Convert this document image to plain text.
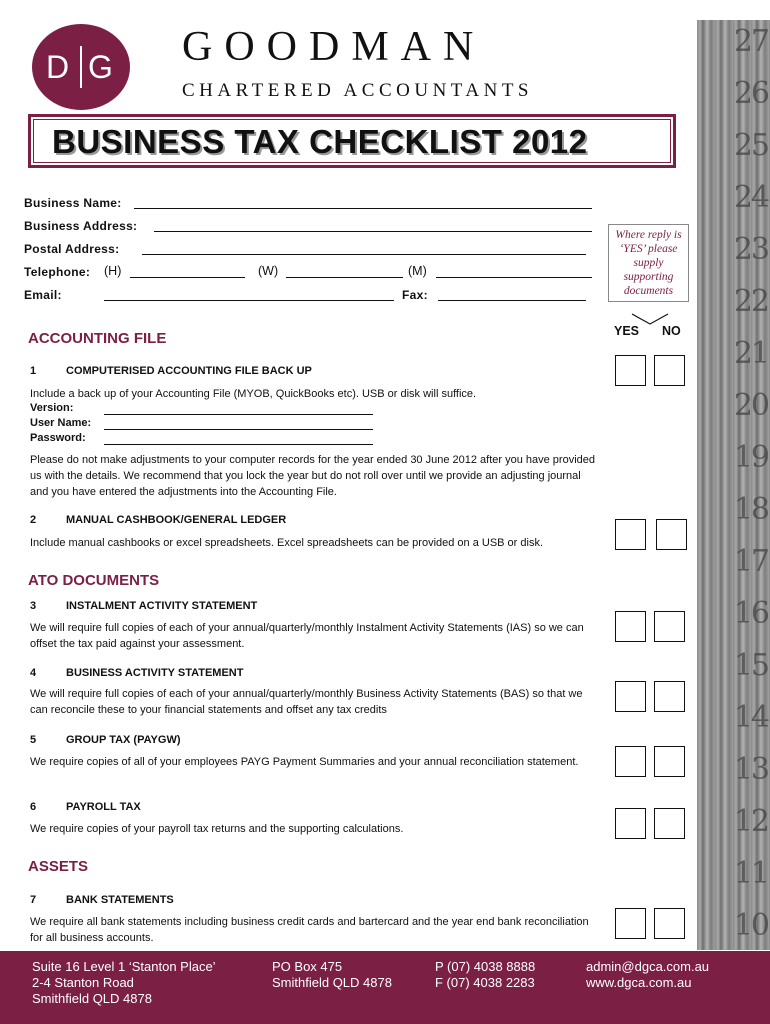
D G GOODMAN
CHARTERED ACCOUNTANTS
BUSINESS TAX CHECKLIST 2012
Business Name:
Business Address:
Postal Address:
Telephone: (H)	(W)	(M)
Email:	Fax:
27
26
25
24
23
22
21
20
19
18
17
16
15
14
13
12
11
10
Where reply is ‘YES’ please supply supporting documents
YES NO
ACCOUNTING FILE
1	COMPUTERISED ACCOUNTING FILE BACK UP
Include a back up of your Accounting File (MYOB, QuickBooks etc). USB or disk will suffice.
Version:
User Name:
Password:
Please do not make adjustments to your computer records for the year ended 30 June 2012 after you have provided us with the details. We recommend that you lock the year but do not roll over until we provide an adjusting journal and you have entered the adjustments into the Accounting File.
2	MANUAL CASHBOOK/GENERAL LEDGER
Include manual cashbooks or excel spreadsheets. Excel spreadsheets can be provided on a USB or disk.
ATO DOCUMENTS
3	INSTALMENT ACTIVITY STATEMENT
We will require full copies of each of your annual/quarterly/monthly Instalment Activity Statements (IAS) so we can offset the tax paid against your assessment.
4	BUSINESS ACTIVITY STATEMENT
We will require full copies of each of your annual/quarterly/monthly Business Activity Statements (BAS) so that we can reconcile these to your financial statements and offset any tax credits
5	GROUP TAX (PAYGW)
We require copies of all of your employees PAYG Payment Summaries and your annual reconciliation statement.
6	PAYROLL TAX
We require copies of your payroll tax returns and the supporting calculations.
ASSETS
7	BANK STATEMENTS
We require all bank statements including business credit cards and bartercard and the year end bank reconciliation for all business accounts.
Suite 16 Level 1 ‘Stanton Place’
2-4 Stanton Road
Smithfield QLD 4878
PO Box 475
Smithfield QLD 4878
P (07) 4038 8888
F (07) 4038 2283
admin@dgca.com.au
www.dgca.com.au
